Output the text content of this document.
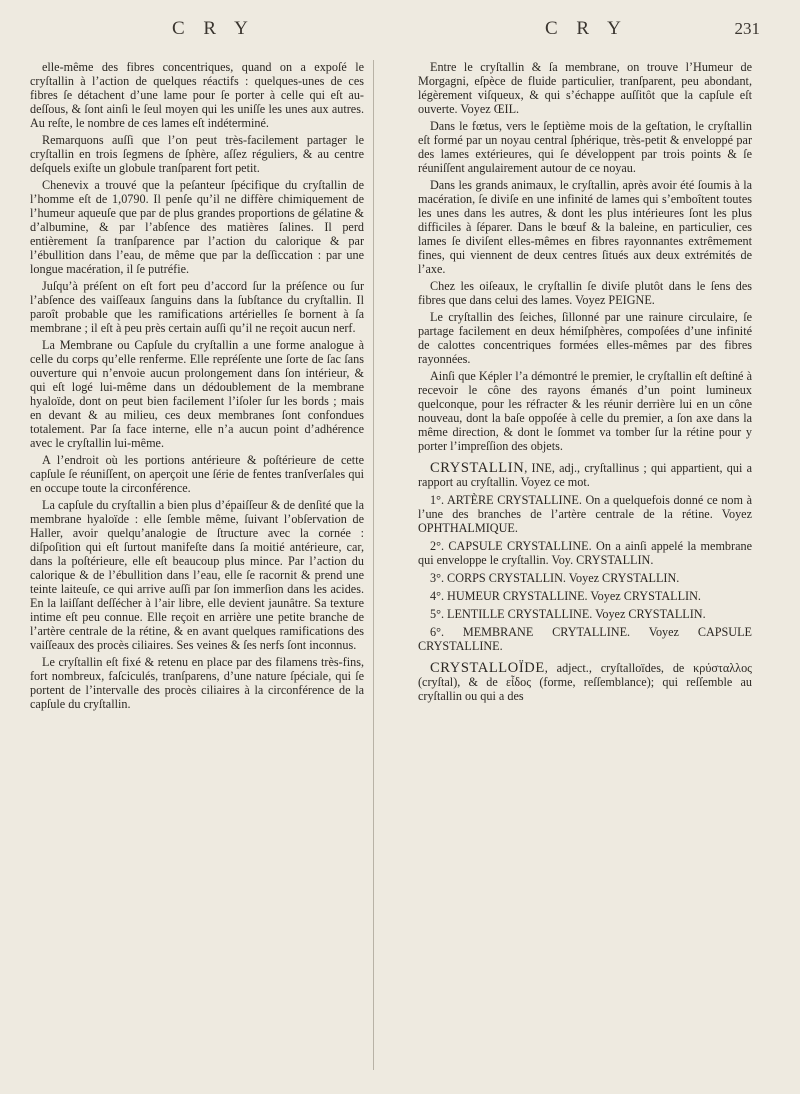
C R Y	C R Y	231

elle-même des fibres concentriques, quand on a expoſé le cryſtallin à l’action de quelques réactifs : quelques-unes de ces fibres ſe détachent d’une lame pour ſe porter à celle qui eſt au-deſſous, & ſont ainſi le ſeul moyen qui les uniſſe les unes aux autres. Au reſte, le nombre de ces lames eſt indéterminé.

Remarquons auſſi que l’on peut très-facilement partager le cryſtallin en trois ſegmens de ſphère, aſſez réguliers, & au centre deſquels exiſte un globule tranſparent fort petit.

Chenevix a trouvé que la peſanteur ſpécifique du cryſtallin de l’homme eſt de 1,0790. Il penſe qu’il ne diffère chimiquement de l’humeur aqueuſe que par de plus grandes proportions de gélatine & d’albumine, & par l’abſence des matières ſalines. Il perd entièrement ſa tranſparence par l’action du calorique & par l’ébullition dans l’eau, de même que par la deſſiccation : par une longue macération, il ſe putréfie.

Juſqu’à préſent on eſt fort peu d’accord ſur la préſence ou ſur l’abſence des vaiſſeaux ſanguins dans la ſubſtance du cryſtallin. Il paroît probable que les ramifications artérielles ſe bornent à ſa membrane ; il eſt à peu près certain auſſi qu’il ne reçoit aucun nerf.

La Membrane ou Capſule du cryſtallin a une forme analogue à celle du corps qu’elle renferme. Elle repréſente une ſorte de ſac ſans ouverture qui n’envoie aucun prolongement dans ſon intérieur, & qui eſt logé lui-même dans un dédoublement de la membrane hyaloïde, dont on peut bien facilement l’iſoler ſur les bords ; mais en devant & au milieu, ces deux membranes ſont confondues totalement. Par ſa face interne, elle n’a aucun point d’adhérence avec le cryſtallin lui-même.

A l’endroit où les portions antérieure & poſtérieure de cette capſule ſe réuniſſent, on aperçoit une ſérie de fentes tranſverſales qui en occupe toute la circonférence.

La capſule du cryſtallin a bien plus d’épaiſſeur & de denſité que la membrane hyaloïde : elle ſemble même, ſuivant l’obſervation de Haller, avoir quelqu’analogie de ſtructure avec la cornée : diſpoſition qui eſt ſurtout manifeſte dans ſa moitié antérieure, car, dans la poſtérieure, elle eſt beaucoup plus mince. Par l’action du calorique & de l’ébullition dans l’eau, elle ſe racornit & prend une teinte laiteuſe, ce qui arrive auſſi par ſon immerſion dans les acides. En la laiſſant deſſécher à l’air libre, elle devient jaunâtre. Sa texture intime eſt peu connue. Elle reçoit en arrière une petite branche de l’artère centrale de la rétine, & en avant quelques ramifications des vaiſſeaux des procès ciliaires. Ses veines & ſes nerfs ſont inconnus.

Le cryſtallin eſt fixé & retenu en place par des filamens très-fins, fort nombreux, faſciculés, tranſparens, d’une nature ſpéciale, qui ſe portent de l’intervalle des procès ciliaires à la circonférence de la capſule du cryſtallin.

Entre le cryſtallin & ſa membrane, on trouve l’Humeur de Morgagni, eſpèce de fluide particulier, tranſparent, peu abondant, légèrement viſqueux, & qui s’échappe auſſitôt que la capſule eſt ouverte. Voyez ŒIL.

Dans le fœtus, vers le ſeptième mois de la geſtation, le cryſtallin eſt formé par un noyau central ſphérique, très-petit & enveloppé par des lames extérieures, qui ſe développent par trois points & ſe réuniſſent angulairement autour de ce noyau.

Dans les grands animaux, le cryſtallin, après avoir été ſoumis à la macération, ſe diviſe en une infinité de lames qui s’emboîtent toutes les unes dans les autres, & dont les plus intérieures ſont les plus difficiles à ſéparer. Dans le bœuf & la baleine, en particulier, ces lames ſe diviſent elles-mêmes en fibres rayonnantes extrêmement fines, qui viennent de deux centres ſitués aux deux extrémités de l’axe.

Chez les oiſeaux, le cryſtallin ſe diviſe plutôt dans le ſens des fibres que dans celui des lames. Voyez PEIGNE.

Le cryſtallin des ſeiches, ſillonné par une rainure circulaire, ſe partage facilement en deux hémiſphères, compoſées d’une infinité de calottes concentriques formées elles-mêmes par des fibres rayonnées.

Ainſi que Képler l’a démontré le premier, le cryſtallin eſt deſtiné à recevoir le cône des rayons émanés d’un point lumineux quelconque, pour les réfracter & les réunir derrière lui en un cône nouveau, dont la baſe oppoſée à celle du premier, a ſon axe dans la même direction, & dont le ſommet va tomber ſur la rétine pour y porter l’impreſſion des objets.

CRYSTALLIN, INE, adj., cryſtallinus ; qui appartient, qui a rapport au cryſtallin. Voyez ce mot.

1°. ARTÈRE CRYSTALLINE. On a quelquefois donné ce nom à l’une des branches de l’artère centrale de la rétine. Voyez OPHTHALMIQUE.

2°. CAPSULE CRYSTALLINE. On a ainſi appelé la membrane qui enveloppe le cryſtallin. Voy. CRYSTALLIN.

3°. CORPS CRYSTALLIN. Voyez CRYSTALLIN.

4°. HUMEUR CRYSTALLINE. Voyez CRYSTALLIN.

5°. LENTILLE CRYSTALLINE. Voyez CRYSTALLIN.

6°. MEMBRANE CRYTALLINE. Voyez CAPSULE CRYSTALLINE.

CRYSTALLOÏDE, adject., cryſtalloïdes, de κρύσταλλος (cryſtal), & de εἶδος (forme, reſſemblance); qui reſſemble au cryſtallin ou qui a des
